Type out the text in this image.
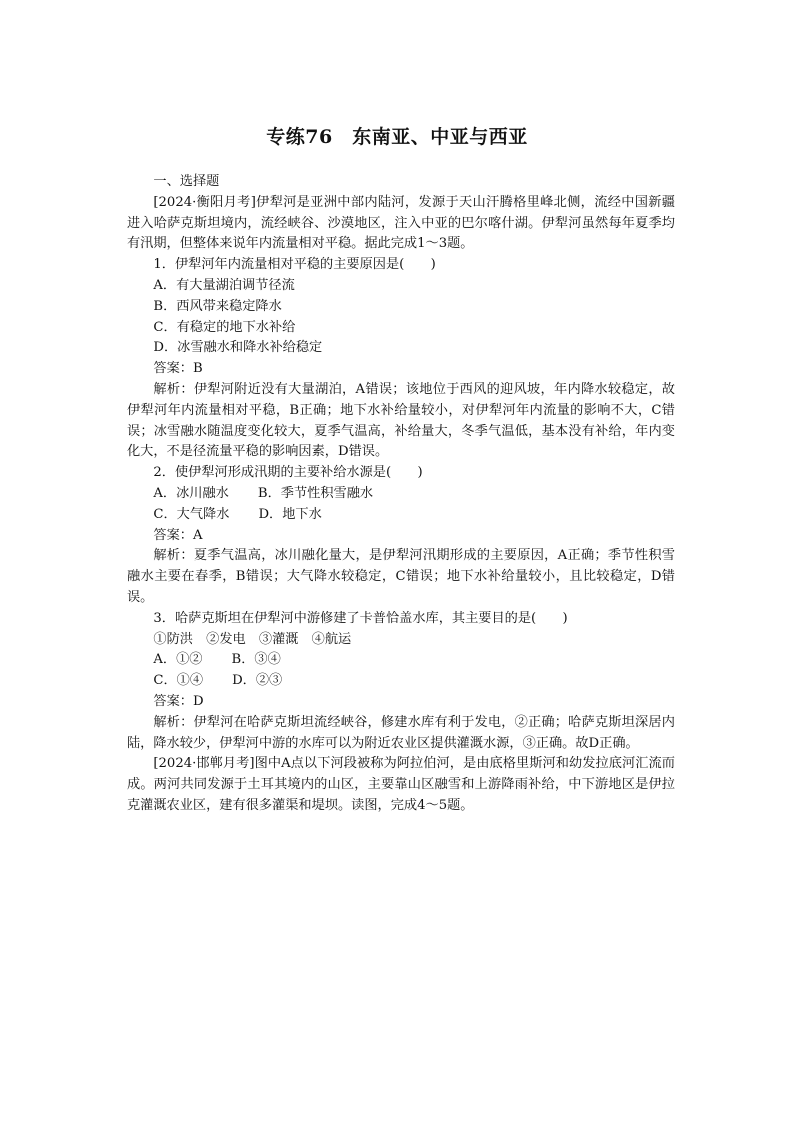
专练76　东南亚、中亚与西亚

一、选择题

[2024·衡阳月考]伊犁河是亚洲中部内陆河，发源于天山汗腾格里峰北侧，流经中国新疆进入哈萨克斯坦境内，流经峡谷、沙漠地区，注入中亚的巴尔喀什湖。伊犁河虽然每年夏季均有汛期，但整体来说年内流量相对平稳。据此完成1～3题。

1．伊犁河年内流量相对平稳的主要原因是(　　)

A．有大量湖泊调节径流

B．西风带来稳定降水

C．有稳定的地下水补给

D．冰雪融水和降水补给稳定

答案：B

解析：伊犁河附近没有大量湖泊，A错误；该地位于西风的迎风坡，年内降水较稳定，故伊犁河年内流量相对平稳，B正确；地下水补给量较小，对伊犁河年内流量的影响不大，C错误；冰雪融水随温度变化较大，夏季气温高，补给量大，冬季气温低，基本没有补给，年内变化大，不是径流量平稳的影响因素，D错误。

2．使伊犁河形成汛期的主要补给水源是(　　)

A．冰川融水 B．季节性积雪融水

C．大气降水 D．地下水

答案：A

解析：夏季气温高，冰川融化量大，是伊犁河汛期形成的主要原因，A正确；季节性积雪融水主要在春季，B错误；大气降水较稳定，C错误；地下水补给量较小，且比较稳定，D错误。

3．哈萨克斯坦在伊犁河中游修建了卡普恰盖水库，其主要目的是(　　)

①防洪　②发电　③灌溉　④航运

A．①② B．③④

C．①④ D．②③

答案：D

解析：伊犁河在哈萨克斯坦流经峡谷，修建水库有利于发电，②正确；哈萨克斯坦深居内陆，降水较少，伊犁河中游的水库可以为附近农业区提供灌溉水源，③正确。故D正确。

[2024·邯郸月考]图中A点以下河段被称为阿拉伯河，是由底格里斯河和幼发拉底河汇流而成。两河共同发源于土耳其境内的山区，主要靠山区融雪和上游降雨补给，中下游地区是伊拉克灌溉农业区，建有很多灌渠和堤坝。读图，完成4～5题。
